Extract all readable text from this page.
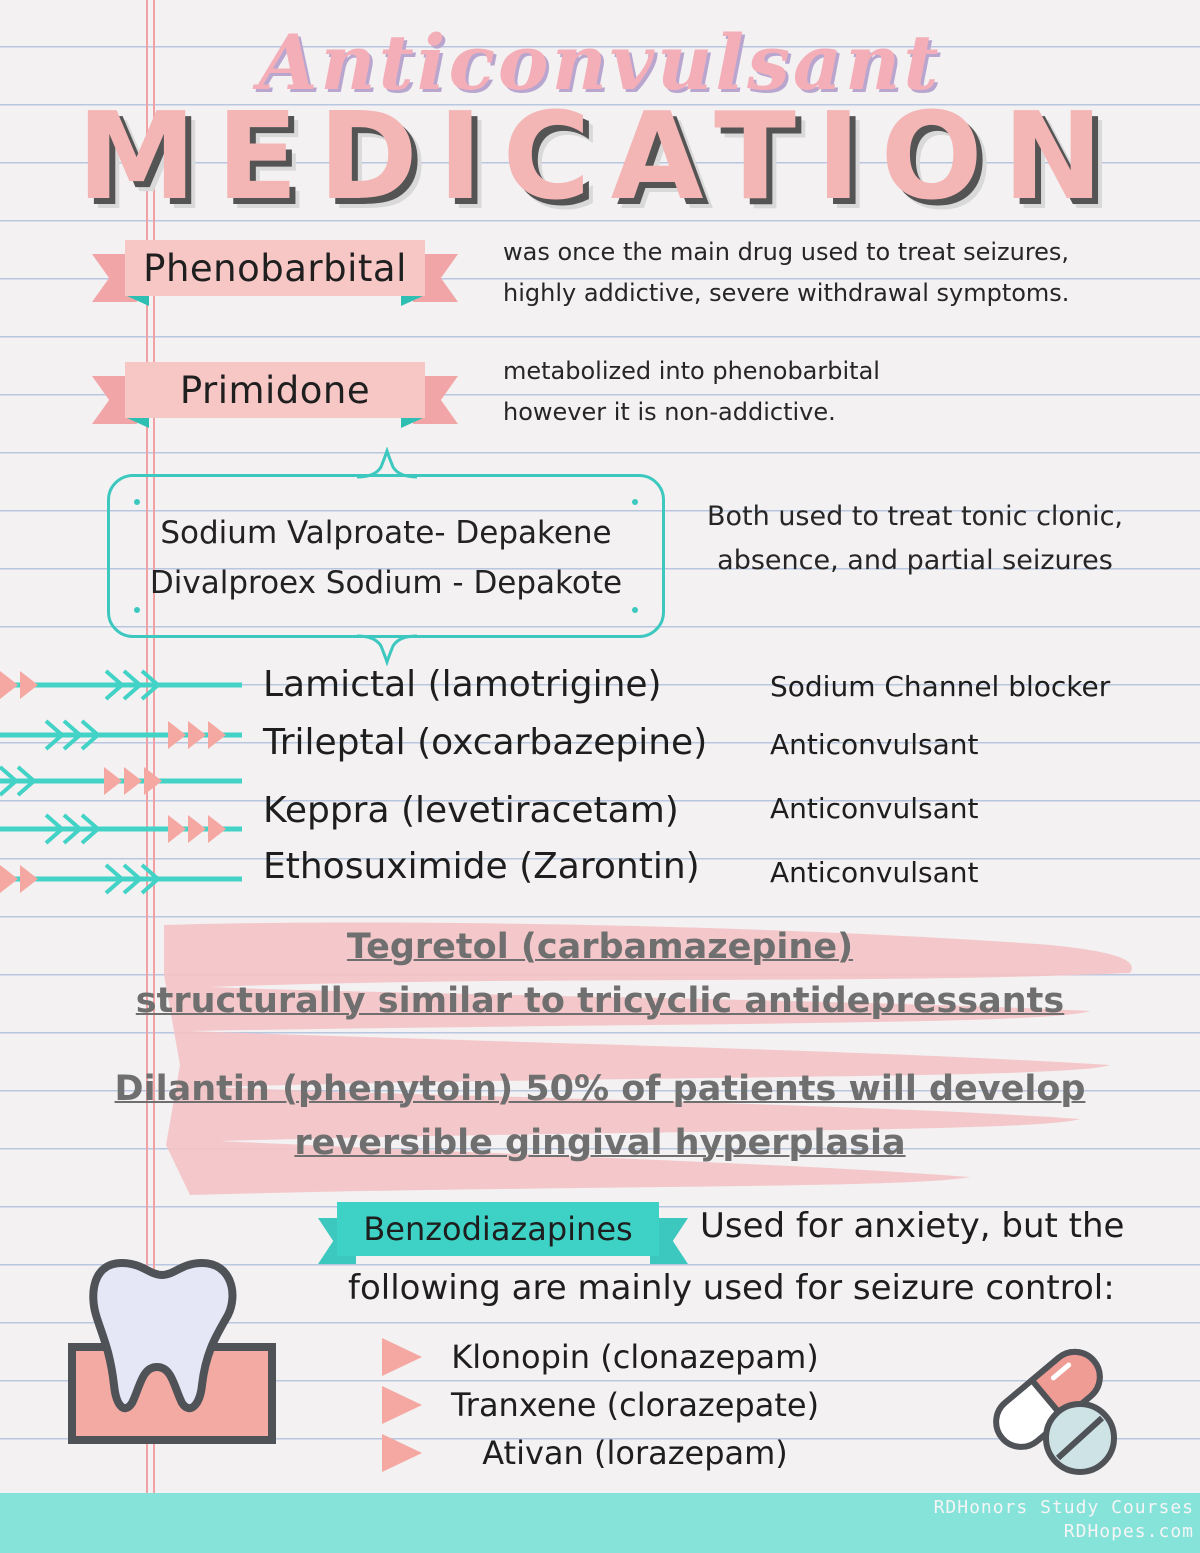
Anticonvulsant
MEDICATION
Phenobarbital	was once the main drug used to treat seizures,
highly addictive, severe withdrawal symptoms.
Primidone	metabolized into phenobarbital
however it is non-addictive.
Sodium Valproate- Depakene
Divalproex Sodium - Depakote
Both used to treat tonic clonic,
absence, and partial seizures
Lamictal (lamotrigine)	Sodium Channel blocker
Trileptal (oxcarbazepine) Anticonvulsant
Keppra (levetiracetam)	Anticonvulsant
Ethosuximide (Zarontin)	Anticonvulsant
Tegretol (carbamazepine)
structurally similar to tricyclic antidepressants
Dilantin (phenytoin) 50% of patients will develop
reversible gingival hyperplasia
Benzodiazapines	Used for anxiety, but the
following are mainly used for seizure control:
Klonopin (clonazepam)
Tranxene (clorazepate)
Ativan (lorazepam)
RDHonors Study Courses
RDHopes.com
